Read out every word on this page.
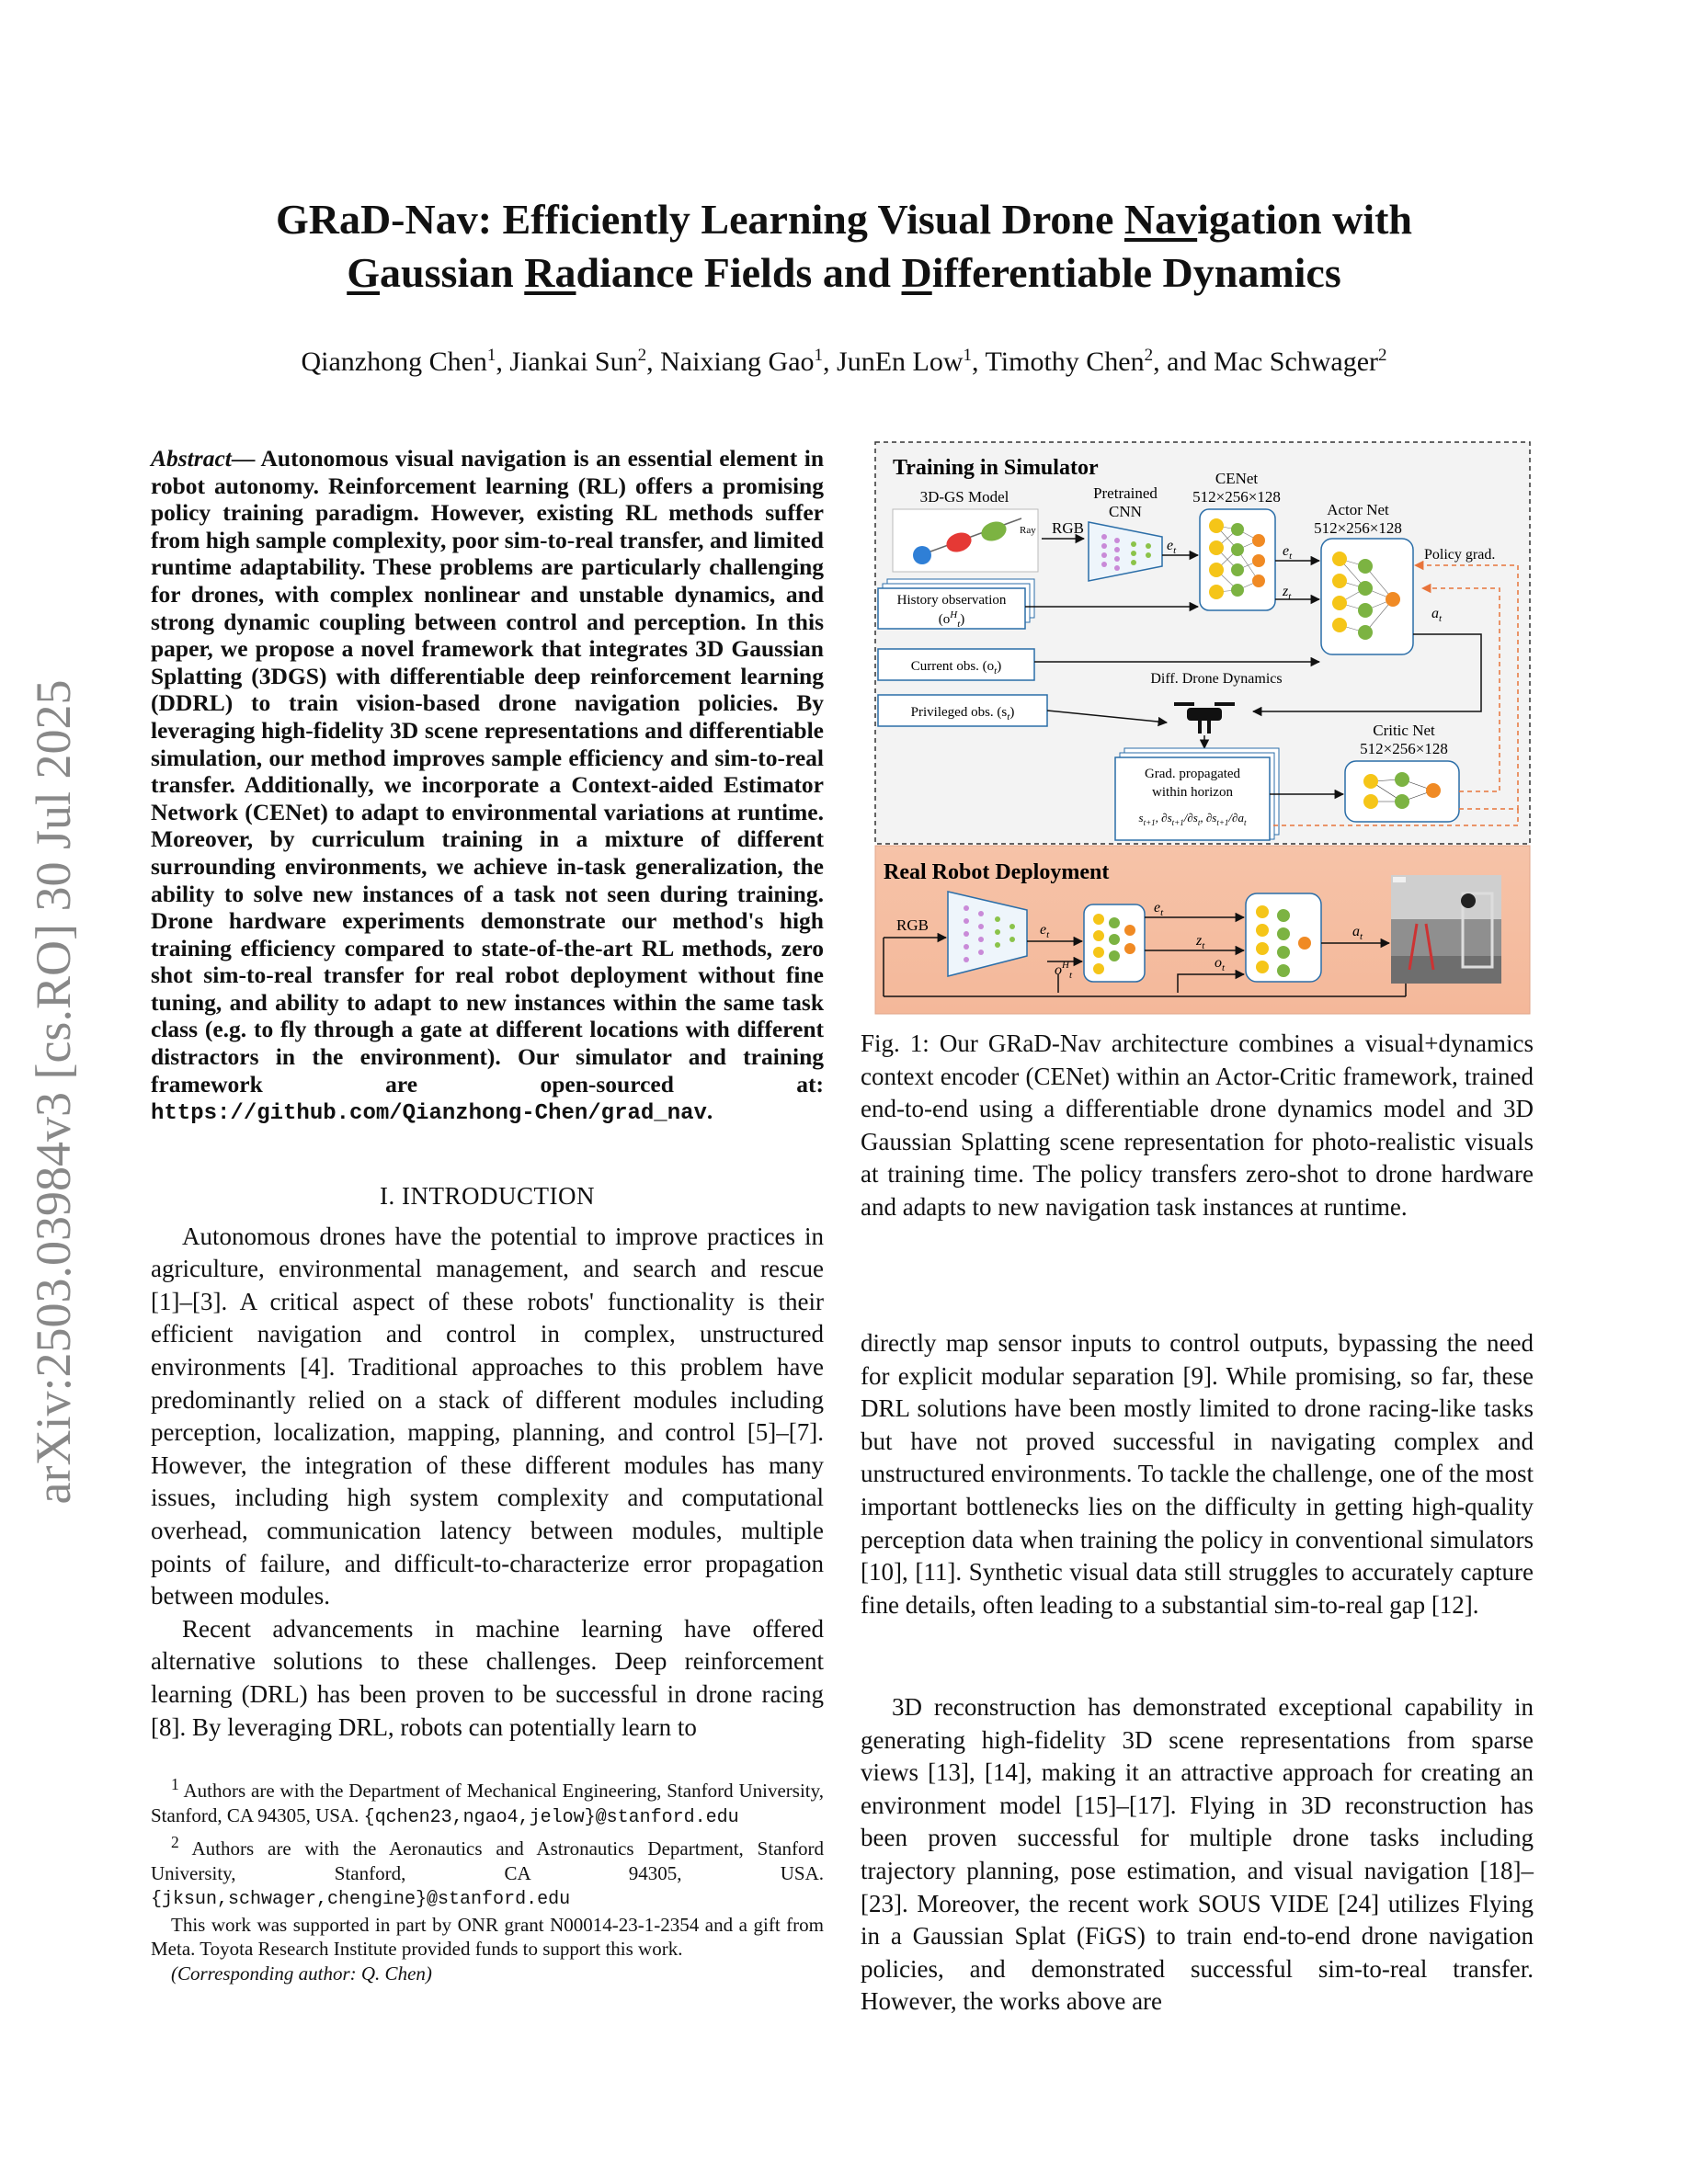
arXiv:2503.03984v3 [cs.RO] 30 Jul 2025
GRaD-Nav: Efficiently Learning Visual Drone Navigation with
Gaussian Radiance Fields and Differentiable Dynamics
Qianzhong Chen$^1$, Jiankai Sun$^2$, Naixiang Gao$^1$, JunEn Low$^1$, Timothy Chen$^2$, and Mac Schwager$^2$
Abstract— Autonomous visual navigation is an essential element in robot autonomy. Reinforcement learning (RL) offers a promising policy training paradigm. However, existing RL methods suffer from high sample complexity, poor sim-to-real transfer, and limited runtime adaptability. These problems are particularly challenging for drones, with complex nonlinear and unstable dynamics, and strong dynamic coupling between control and perception. In this paper, we propose a novel framework that integrates 3D Gaussian Splatting (3DGS) with differentiable deep reinforcement learning (DDRL) to train vision-based drone navigation policies. By leveraging high-fidelity 3D scene representations and differentiable simulation, our method improves sample efficiency and sim-to-real transfer. Additionally, we incorporate a Context-aided Estimator Network (CENet) to adapt to environmental variations at runtime. Moreover, by curriculum training in a mixture of different surrounding environments, we achieve in-task generalization, the ability to solve new instances of a task not seen during training. Drone hardware experiments demonstrate our method's high training efficiency compared to state-of-the-art RL methods, zero shot sim-to-real transfer for real robot deployment without fine tuning, and ability to adapt to new instances within the same task class (e.g. to fly through a gate at different locations with different distractors in the environment). Our simulator and training framework are open-sourced at: https://github.com/Qianzhong-Chen/grad_nav.
I. INTRODUCTION

Autonomous drones have the potential to improve practices in agriculture, environmental management, and search and rescue [1]–[3]. A critical aspect of these robots' functionality is their efficient navigation and control in complex, unstructured environments [4]. Traditional approaches to this problem have predominantly relied on a stack of different modules including perception, localization, mapping, planning, and control [5]–[7]. However, the integration of these different modules has many issues, including high system complexity and computational overhead, communication latency between modules, multiple points of failure, and difficult-to-characterize error propagation between modules.

Recent advancements in machine learning have offered alternative solutions to these challenges. Deep reinforcement learning (DRL) has been proven to be successful in drone racing [8]. By leveraging DRL, robots can potentially learn to

$^1$ Authors are with the Department of Mechanical Engineering, Stanford University, Stanford, CA 94305, USA. {qchen23,ngao4,jelow}@stanford.edu

$^2$ Authors are with the Aeronautics and Astronautics Department, Stanford University, Stanford, CA 94305, USA. {jksun,schwager,chengine}@stanford.edu

This work was supported in part by ONR grant N00014-23-1-2354 and a gift from Meta. Toyota Research Institute provided funds to support this work.

(Corresponding author: Q. Chen)

Training in Simulator
3D-GS Model
Ray RGB
Pretrained
CNN
$e_t$
CENet
512×256×128
$e_t$
$z_t$
Actor Net
512×256×128
Policy grad.
$a_t$
History observation
$(o^H_t)$
Current obs. $(o_t)$
Privileged obs. $(s_t)$
Diff. Drone Dynamics
Grad. propagated
within horizon
$s_{t+1}$, $\partial s_{t+1}/\partial s_t$, $\partial s_{t+1}/\partial a_t$
Critic Net
512×256×128
Real Robot Deployment
RGB	$e_t$
$o^H_t$
$e_t$
$z_t$
$o_t$
$a_t$
Fig. 1: Our GRaD-Nav architecture combines a visual+dynamics context encoder (CENet) within an Actor-Critic framework, trained end-to-end using a differentiable drone dynamics model and 3D Gaussian Splatting scene representation for photo-realistic visuals at training time. The policy transfers zero-shot to drone hardware and adapts to new navigation task instances at runtime.

directly map sensor inputs to control outputs, bypassing the need for explicit modular separation [9]. While promising, so far, these DRL solutions have been mostly limited to drone racing-like tasks but have not proved successful in navigating complex and unstructured environments. To tackle the challenge, one of the most important bottlenecks lies on the difficulty in getting high-quality perception data when training the policy in conventional simulators [10], [11]. Synthetic visual data still struggles to accurately capture fine details, often leading to a substantial sim-to-real gap [12].

3D reconstruction has demonstrated exceptional capability in generating high-fidelity 3D scene representations from sparse views [13], [14], making it an attractive approach for creating an environment model [15]–[17]. Flying in 3D reconstruction has been proven successful for multiple drone tasks including trajectory planning, pose estimation, and visual navigation [18]–[23]. Moreover, the recent work SOUS VIDE [24] utilizes Flying in a Gaussian Splat (FiGS) to train end-to-end drone navigation policies, and demonstrated successful sim-to-real transfer. However, the works above are
